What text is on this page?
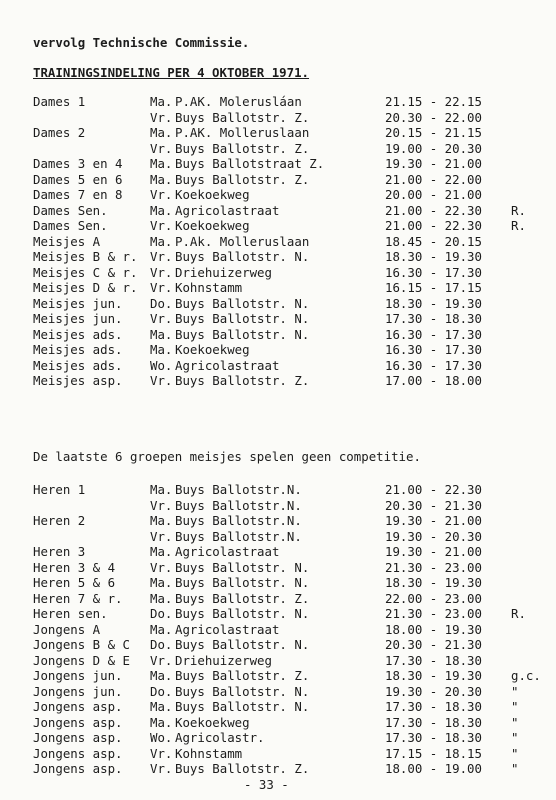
vervolg Technische Commissie.
TRAININGSINDELING PER 4 OKTOBER 1971.
Dames 1	Ma.	P.AK. Molerusláan	21.15 - 22.15	
	Vr.	Buys Ballotstr. Z.	20.30 - 22.00	
Dames 2	Ma.	P.AK. Molleruslaan	20.15 - 21.15	
	Vr.	Buys Ballotstr. Z.	19.00 - 20.30	
Dames 3 en 4	Ma.	Buys Ballotstraat Z.	19.30 - 21.00	
Dames 5 en 6	Ma.	Buys Ballotstr. Z.	21.00 - 22.00	
Dames 7 en 8	Vr.	Koekoekweg	20.00 - 21.00	
Dames Sen.	Ma.	Agricolastraat	21.00 - 22.30	R.
Dames Sen.	Vr.	Koekoekweg	21.00 - 22.30	R.
Meisjes A	Ma.	P.Ak. Molleruslaan	18.45 - 20.15	
Meisjes B & r.	Vr.	Buys Ballotstr. N.	18.30 - 19.30	
Meisjes C & r.	Vr.	Driehuizerweg	16.30 - 17.30	
Meisjes D & r.	Vr.	Kohnstamm	16.15 - 17.15	
Meisjes jun.	Do.	Buys Ballotstr. N.	18.30 - 19.30	
Meisjes jun.	Vr.	Buys Ballotstr. N.	17.30 - 18.30	
Meisjes ads.	Ma.	Buys Ballotstr. N.	16.30 - 17.30	
Meisjes ads.	Ma.	Koekoekweg	16.30 - 17.30	
Meisjes ads.	Wo.	Agricolastraat	16.30 - 17.30	
Meisjes asp.	Vr.	Buys Ballotstr. Z.	17.00 - 18.00	
De laatste 6 groepen meisjes spelen geen competitie.
Heren 1	Ma.	Buys Ballotstr.N.	21.00 - 22.30	
	Vr.	Buys Ballotstr.N.	20.30 - 21.30	
Heren 2	Ma.	Buys Ballotstr.N.	19.30 - 21.00	
	Vr.	Buys Ballotstr.N.	19.30 - 20.30	
Heren 3	Ma.	Agricolastraat	19.30 - 21.00	
Heren 3 & 4	Vr.	Buys Ballotstr. N.	21.30 - 23.00	
Heren 5 & 6	Ma.	Buys Ballotstr. N.	18.30 - 19.30	
Heren 7 & r.	Ma.	Buys Ballotstr. Z.	22.00 - 23.00	
Heren sen.	Do.	Buys Ballotstr. N.	21.30 - 23.00	R.
Jongens A	Ma.	Agricolastraat	18.00 - 19.30	
Jongens B & C	Do.	Buys Ballotstr. N.	20.30 - 21.30	
Jongens D & E	Vr.	Driehuizerweg	17.30 - 18.30	
Jongens jun.	Ma.	Buys Ballotstr. Z.	18.30 - 19.30	g.c.
Jongens jun.	Do.	Buys Ballotstr. N.	19.30 - 20.30	"
Jongens asp.	Ma.	Buys Ballotstr. N.	17.30 - 18.30	"
Jongens asp.	Ma.	Koekoekweg	17.30 - 18.30	"
Jongens asp.	Wo.	Agricolastr.	17.30 - 18.30	"
Jongens asp.	Vr.	Kohnstamm	17.15 - 18.15	"
Jongens asp.	Vr.	Buys Ballotstr. Z.	18.00 - 19.00	"
- 33 -
